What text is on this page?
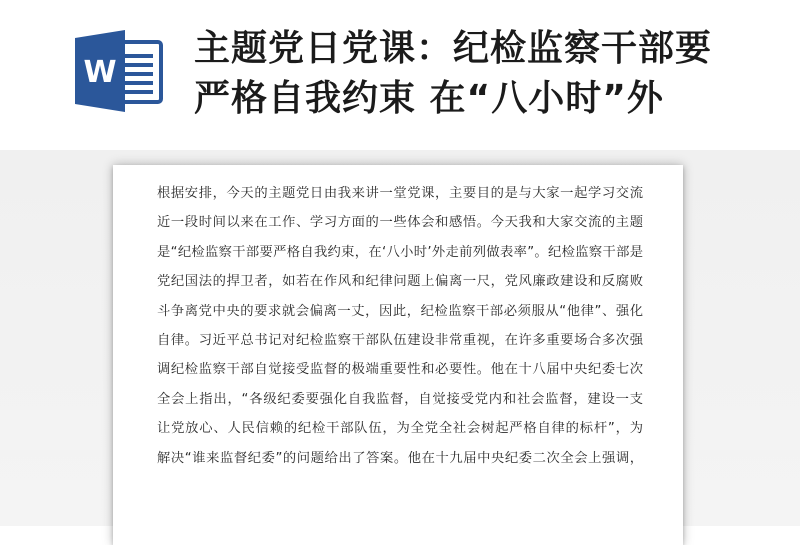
W
主题党日党课：纪检监察干部要
严格自我约束 在“八小时”外
根据安排，今天的主题党日由我来讲一堂党课，主要目的是与大家一起学习交流
近一段时间以来在工作、学习方面的一些体会和感悟。今天我和大家交流的主题
是“纪检监察干部要严格自我约束，在‘八小时’外走前列做表率”。纪检监察干部是
党纪国法的捍卫者，如若在作风和纪律问题上偏离一尺，党风廉政建设和反腐败
斗争离党中央的要求就会偏离一丈，因此，纪检监察干部必须服从“他律”、强化
自律。习近平总书记对纪检监察干部队伍建设非常重视，在许多重要场合多次强
调纪检监察干部自觉接受监督的极端重要性和必要性。他在十八届中央纪委七次
全会上指出，“各级纪委要强化自我监督，自觉接受党内和社会监督，建设一支
让党放心、人民信赖的纪检干部队伍，为全党全社会树起严格自律的标杆”，为
解决“谁来监督纪委”的问题给出了答案。他在十九届中央纪委二次全会上强调，
